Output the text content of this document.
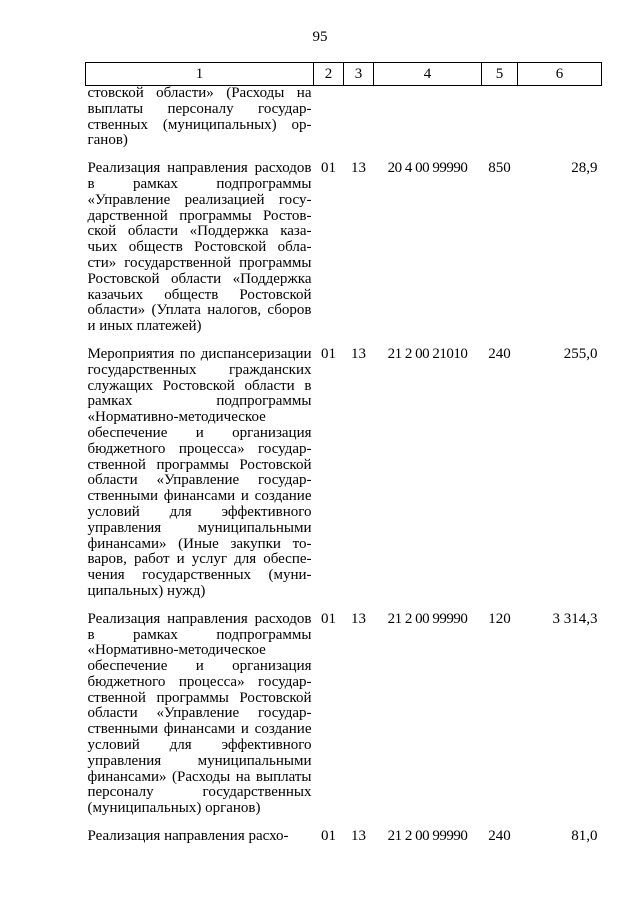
95
1	2	3	4	5	6
стовской области» (Расходы на выплаты персоналу государственных (муниципальных) органов)					
Реализация направления расходов в рамках подпрограммы «Управление реализацией государственной программы Ростовской области «Поддержка казачьих обществ Ростовской области» государственной программы Ростовской области «Поддержка казачьих обществ Ростовской области» (Уплата налогов, сборов и иных платежей)	01	13	20 4 00 99990	850	28,9
Мероприятия по диспансеризации государственных гражданских служащих Ростовской области в рамках подпрограммы «Нормативно-методическое обеспечение и организация бюджетного процесса» государственной программы Ростовской области «Управление государственными финансами и создание условий для эффективного управления муниципальными финансами» (Иные закупки товаров, работ и услуг для обеспечения государственных (муниципальных) нужд)	01	13	21 2 00 21010	240	255,0
Реализация направления расходов в рамках подпрограммы «Нормативно-методическое обеспечение и организация бюджетного процесса» государственной программы Ростовской области «Управление государственными финансами и создание условий для эффективного управления муниципальными финансами» (Расходы на выплаты персоналу государственных (муниципальных) органов)	01	13	21 2 00 99990	120	3 314,3
Реализация направления расхо-	01	13	21 2 00 99990	240	81,0
